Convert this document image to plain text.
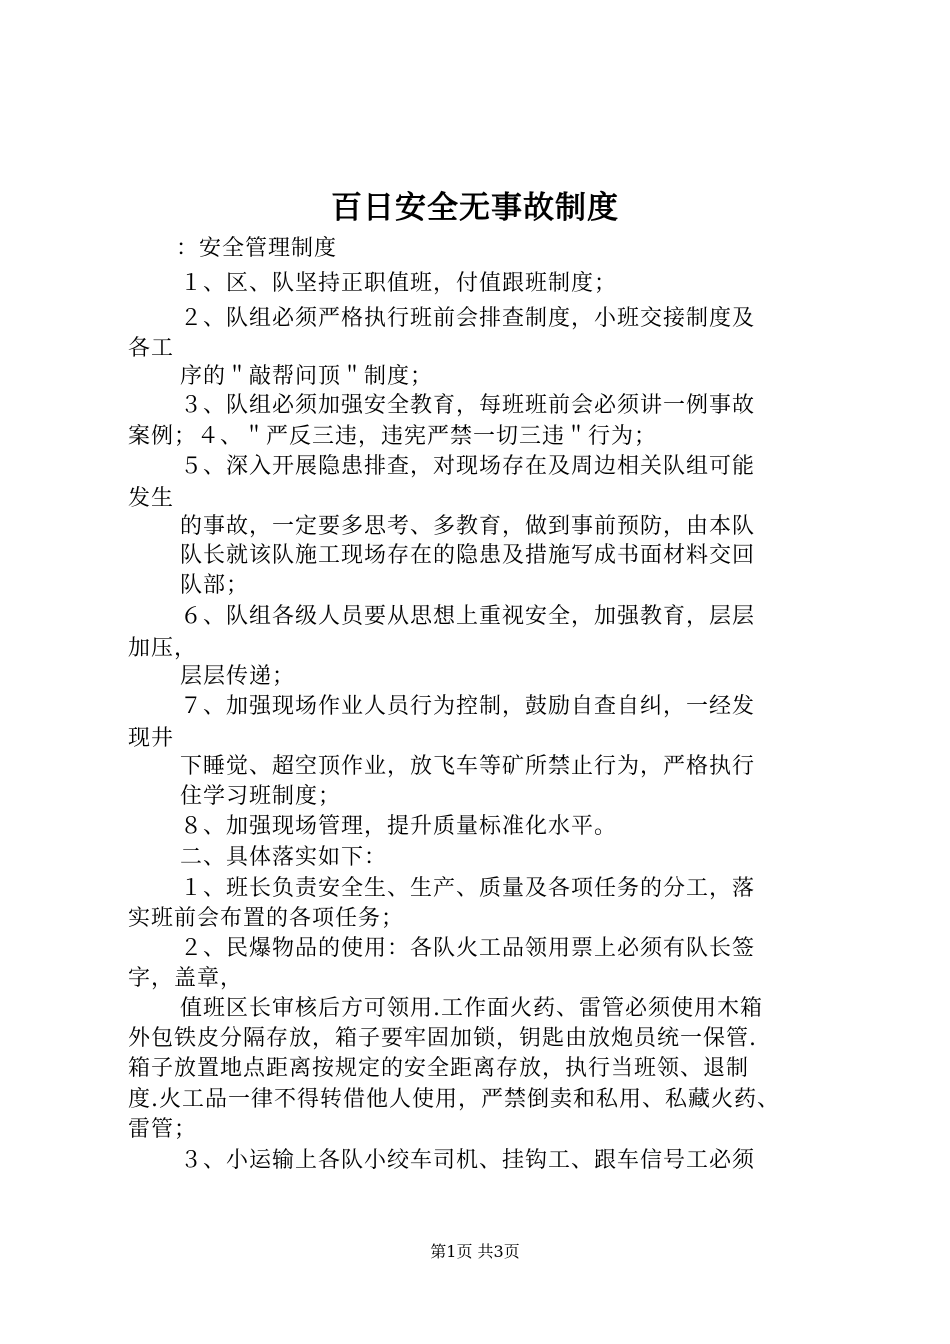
百日安全无事故制度
：安全管理制度
１、区、队坚持正职值班，付值跟班制度；
２、队组必须严格执行班前会排查制度，小班交接制度及
各工
序的＂敲帮问顶＂制度；
３、队组必须加强安全教育，每班班前会必须讲一例事故
案例；４、＂严反三违，违宪严禁一切三违＂行为；
５、深入开展隐患排查，对现场存在及周边相关队组可能
发生
的事故，一定要多思考、多教育，做到事前预防，由本队
队长就该队施工现场存在的隐患及措施写成书面材料交回
队部；
６、队组各级人员要从思想上重视安全，加强教育，层层
加压，
层层传递；
７、加强现场作业人员行为控制，鼓励自查自纠，一经发
现井
下睡觉、超空顶作业，放飞车等矿所禁止行为，严格执行
住学习班制度；
８、加强现场管理，提升质量标准化水平。
二、具体落实如下：
１、班长负责安全生、生产、质量及各项任务的分工，落
实班前会布置的各项任务；
２、民爆物品的使用：各队火工品领用票上必须有队长签
字，盖章，
值班区长审核后方可领用.工作面火药、雷管必须使用木箱
外包铁皮分隔存放，箱子要牢固加锁，钥匙由放炮员统一保管.
箱子放置地点距离按规定的安全距离存放，执行当班领、退制
度.火工品一律不得转借他人使用，严禁倒卖和私用、私藏火药、
雷管；
３、小运输上各队小绞车司机、挂钩工、跟车信号工必须
第1页 共3页
